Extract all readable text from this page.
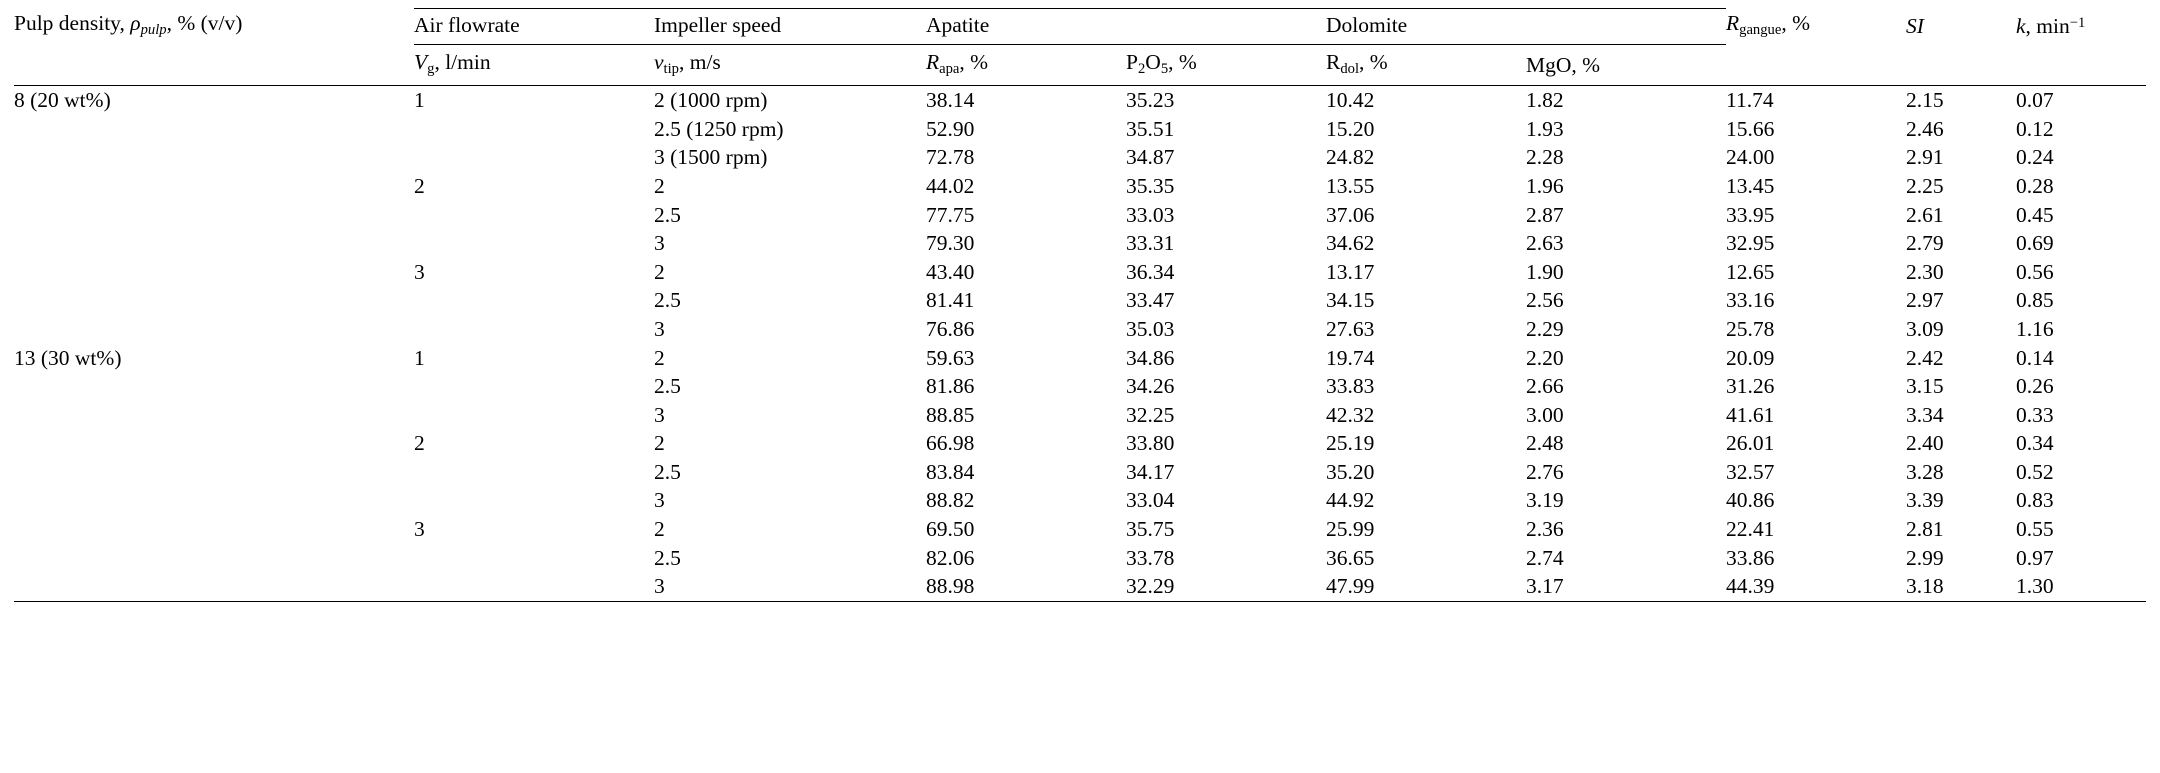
Pulp density, $\rho_{pulp}$, % (v/v)	Air flowrate	Impeller speed	Apatite		Dolomite		$R_{gangue}$, %	SI	k, $\min^{-1}$
	$V_g$, l/min	$v_{tip}$, m/s	$R_{apa}$, %	$P_2O_5$, %	$R_{dol}$, %	MgO, %			

8 (20 wt%)	1	2 (1000 rpm)	38.14	35.23	10.42	1.82	11.74	2.15	0.07
		2.5 (1250 rpm)	52.90	35.51	15.20	1.93	15.66	2.46	0.12
		3 (1500 rpm)	72.78	34.87	24.82	2.28	24.00	2.91	0.24
	2	2	44.02	35.35	13.55	1.96	13.45	2.25	0.28
		2.5	77.75	33.03	37.06	2.87	33.95	2.61	0.45
		3	79.30	33.31	34.62	2.63	32.95	2.79	0.69
	3	2	43.40	36.34	13.17	1.90	12.65	2.30	0.56
		2.5	81.41	33.47	34.15	2.56	33.16	2.97	0.85
		3	76.86	35.03	27.63	2.29	25.78	3.09	1.16
13 (30 wt%)	1	2	59.63	34.86	19.74	2.20	20.09	2.42	0.14
		2.5	81.86	34.26	33.83	2.66	31.26	3.15	0.26
		3	88.85	32.25	42.32	3.00	41.61	3.34	0.33
	2	2	66.98	33.80	25.19	2.48	26.01	2.40	0.34
		2.5	83.84	34.17	35.20	2.76	32.57	3.28	0.52
		3	88.82	33.04	44.92	3.19	40.86	3.39	0.83
	3	2	69.50	35.75	25.99	2.36	22.41	2.81	0.55
		2.5	82.06	33.78	36.65	2.74	33.86	2.99	0.97
		3	88.98	32.29	47.99	3.17	44.39	3.18	1.30
